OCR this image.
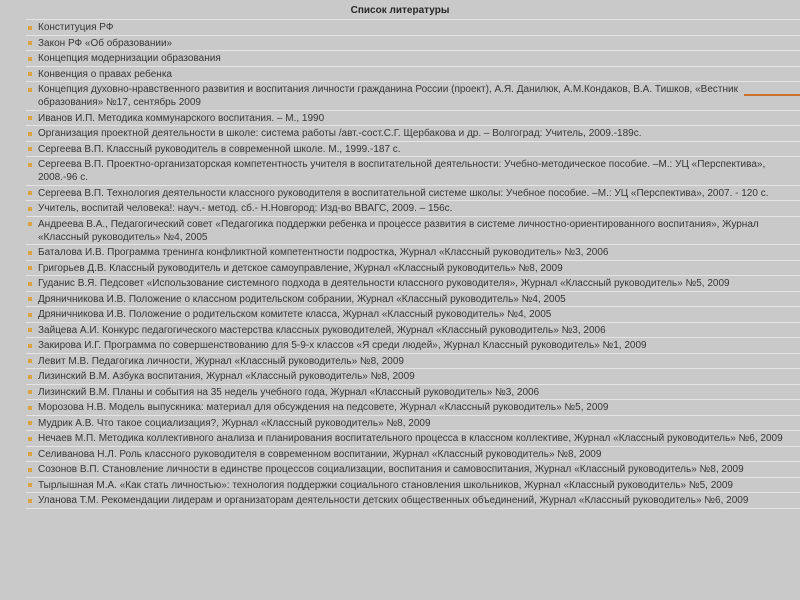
Список литературы
Конституция РФ
Закон РФ «Об образовании»
Концепция модернизации образования
Конвенция о правах ребенка
Концепция духовно-нравственного развития и воспитания личности гражданина России (проект), А.Я. Данилюк, А.М.Кондаков, В.А. Тишков, «Вестник образования» №17, сентябрь 2009
Иванов И.П. Методика коммунарского воспитания. – М., 1990
Организация проектной деятельности в школе: система работы /авт.-сост.С.Г. Щербакова и др. – Волгоград: Учитель, 2009.-189с.
Сергеева В.П. Классный руководитель в современной школе. М., 1999.-187 с.
Сергеева В.П. Проектно-организаторская компетентность учителя в воспитательной деятельности: Учебно-методическое пособие. –М.: УЦ «Перспектива», 2008.-96 с.
Сергеева В.П. Технология деятельности классного руководителя в воспитательной системе школы: Учебное пособие. –М.: УЦ «Перспектива», 2007. - 120 с.
Учитель, воспитай человека!: науч.- метод. сб.- Н.Новгород: Изд-во ВВАГС, 2009. – 156с.
Андреева В.А., Педагогический совет «Педагогика поддержки ребенка и процессе развития в системе личностно-ориентированного воспитания», Журнал «Классный руководитель» №4, 2005
Баталова И.В. Программа тренинга конфликтной компетентности подростка, Журнал «Классный руководитель» №3, 2006
Григорьев Д.В. Классный руководитель и детское самоуправление, Журнал «Классный руководитель» №8, 2009
Гуданис В.Я. Педсовет «Использование системного подхода в деятельности классного руководителя», Журнал «Классный руководитель» №5, 2009
Дряничникова И.В. Положение о классном родительском собрании, Журнал «Классный руководитель» №4, 2005
Дряничникова И.В. Положение о родительском комитете класса, Журнал «Классный руководитель» №4, 2005
Зайцева А.И. Конкурс педагогического мастерства классных руководителей, Журнал «Классный руководитель» №3, 2006
Закирова И.Г. Программа по совершенствованию для 5-9-х классов «Я среди людей», Журнал Классный руководитель» №1, 2009
Левит М.В. Педагогика личности, Журнал «Классный руководитель» №8, 2009
Лизинский В.М. Азбука воспитания, Журнал «Классный руководитель» №8, 2009
Лизинский В.М. Планы и события на 35 недель учебного года, Журнал «Классный руководитель» №3, 2006
Морозова Н.В. Модель выпускника: материал для обсуждения на педсовете, Журнал «Классный руководитель» №5, 2009
Мудрик А.В. Что такое социализация?, Журнал «Классный руководитель» №8, 2009
Нечаев М.П. Методика коллективного анализа и планирования воспитательного процесса в классном коллективе, Журнал «Классный руководитель» №6, 2009
Селиванова Н.Л. Роль классного руководителя в современном воспитании, Журнал «Классный руководитель» №8, 2009
Созонов В.П. Становление личности в единстве процессов социализации, воспитания и самовоспитания, Журнал «Классный руководитель» №8, 2009
Тырлышная М.А. «Как стать личностью»: технология поддержки социального становления школьников, Журнал «Классный руководитель» №5, 2009
Уланова Т.М. Рекомендации лидерам и организаторам деятельности детских общественных объединений, Журнал «Классный руководитель» №6, 2009
